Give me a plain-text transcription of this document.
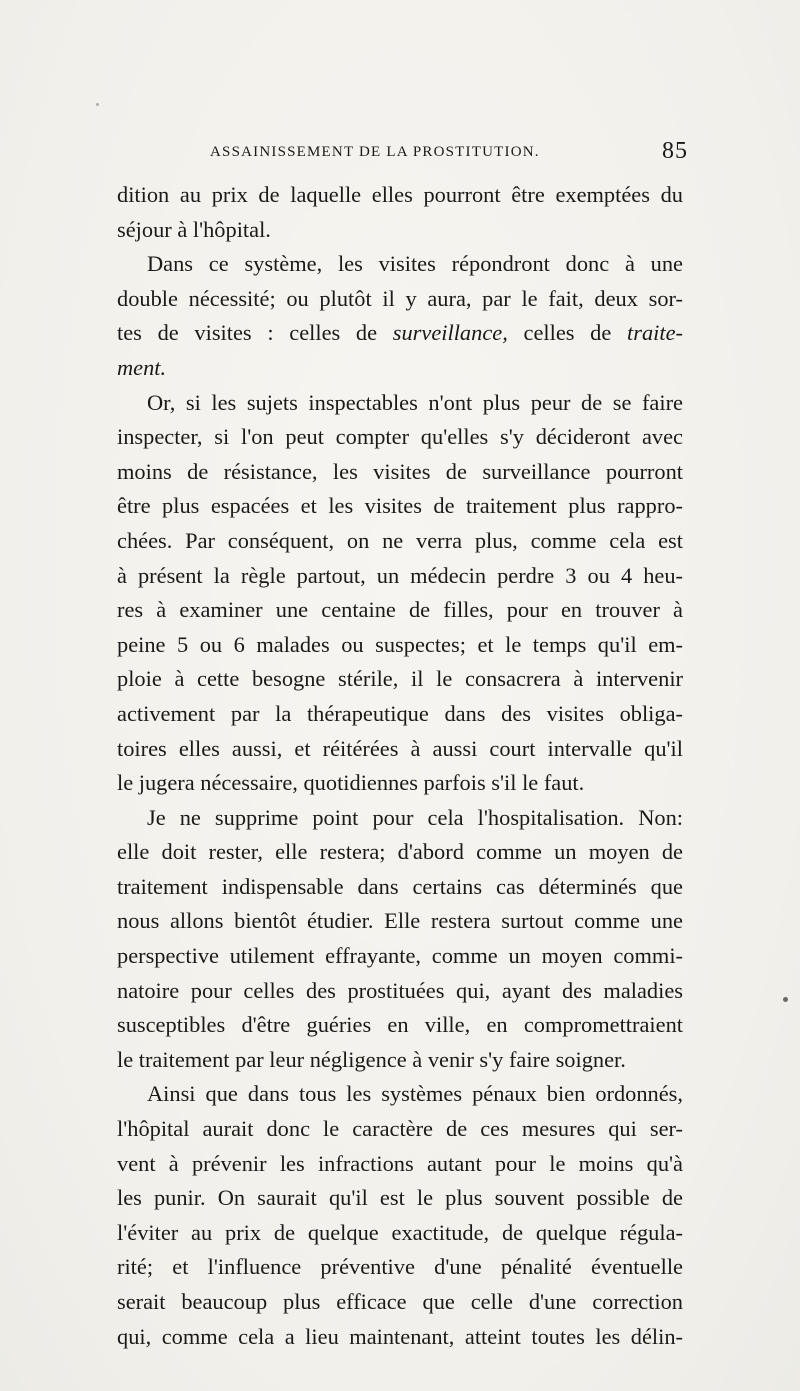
ASSAINISSEMENT DE LA PROSTITUTION.	85
dition au prix de laquelle elles pourront être exemptées du
séjour à l'hôpital.
Dans ce système, les visites répondront donc à une
double nécessité; ou plutôt il y aura, par le fait, deux sor-
tes de visites : celles de surveillance, celles de traite-
ment.
Or, si les sujets inspectables n'ont plus peur de se faire
inspecter, si l'on peut compter qu'elles s'y décideront avec
moins de résistance, les visites de surveillance pourront
être plus espacées et les visites de traitement plus rappro-
chées. Par conséquent, on ne verra plus, comme cela est
à présent la règle partout, un médecin perdre 3 ou 4 heu-
res à examiner une centaine de filles, pour en trouver à
peine 5 ou 6 malades ou suspectes; et le temps qu'il em-
ploie à cette besogne stérile, il le consacrera à intervenir
activement par la thérapeutique dans des visites obliga-
toires elles aussi, et réitérées à aussi court intervalle qu'il
le jugera nécessaire, quotidiennes parfois s'il le faut.
Je ne supprime point pour cela l'hospitalisation. Non:
elle doit rester, elle restera; d'abord comme un moyen de
traitement indispensable dans certains cas déterminés que
nous allons bientôt étudier. Elle restera surtout comme une
perspective utilement effrayante, comme un moyen commi-
natoire pour celles des prostituées qui, ayant des maladies
susceptibles d'être guéries en ville, en compromettraient
le traitement par leur négligence à venir s'y faire soigner.
Ainsi que dans tous les systèmes pénaux bien ordonnés,
l'hôpital aurait donc le caractère de ces mesures qui ser-
vent à prévenir les infractions autant pour le moins qu'à
les punir. On saurait qu'il est le plus souvent possible de
l'éviter au prix de quelque exactitude, de quelque régula-
rité; et l'influence préventive d'une pénalité éventuelle
serait beaucoup plus efficace que celle d'une correction
qui, comme cela a lieu maintenant, atteint toutes les délin-
